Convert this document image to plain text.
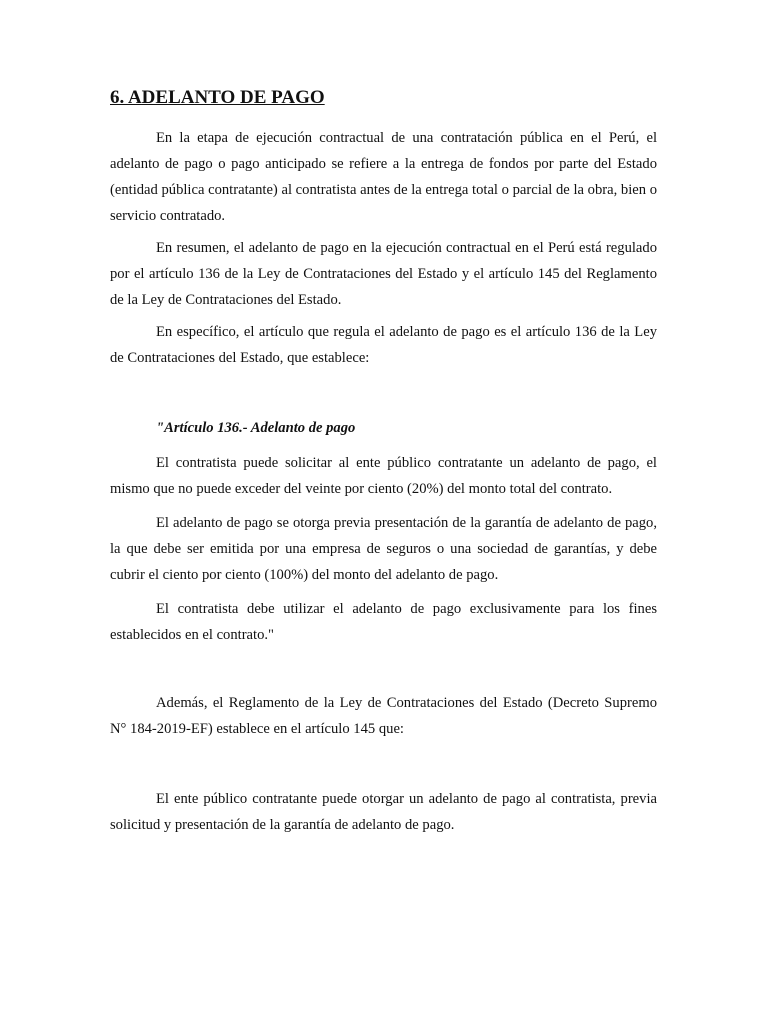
6. ADELANTO DE PAGO

En la etapa de ejecución contractual de una contratación pública en el Perú, el adelanto de pago o pago anticipado se refiere a la entrega de fondos por parte del Estado (entidad pública contratante) al contratista antes de la entrega total o parcial de la obra, bien o servicio contratado.

En resumen, el adelanto de pago en la ejecución contractual en el Perú está regulado por el artículo 136 de la Ley de Contrataciones del Estado y el artículo 145 del Reglamento de la Ley de Contrataciones del Estado.

En específico, el artículo que regula el adelanto de pago es el artículo 136 de la Ley de Contrataciones del Estado, que establece:

"Artículo 136.- Adelanto de pago

El contratista puede solicitar al ente público contratante un adelanto de pago, el mismo que no puede exceder del veinte por ciento (20%) del monto total del contrato.

El adelanto de pago se otorga previa presentación de la garantía de adelanto de pago, la que debe ser emitida por una empresa de seguros o una sociedad de garantías, y debe cubrir el ciento por ciento (100%) del monto del adelanto de pago.

El contratista debe utilizar el adelanto de pago exclusivamente para los fines establecidos en el contrato."

Además, el Reglamento de la Ley de Contrataciones del Estado (Decreto Supremo N° 184-2019-EF) establece en el artículo 145 que:

El ente público contratante puede otorgar un adelanto de pago al contratista, previa solicitud y presentación de la garantía de adelanto de pago.
